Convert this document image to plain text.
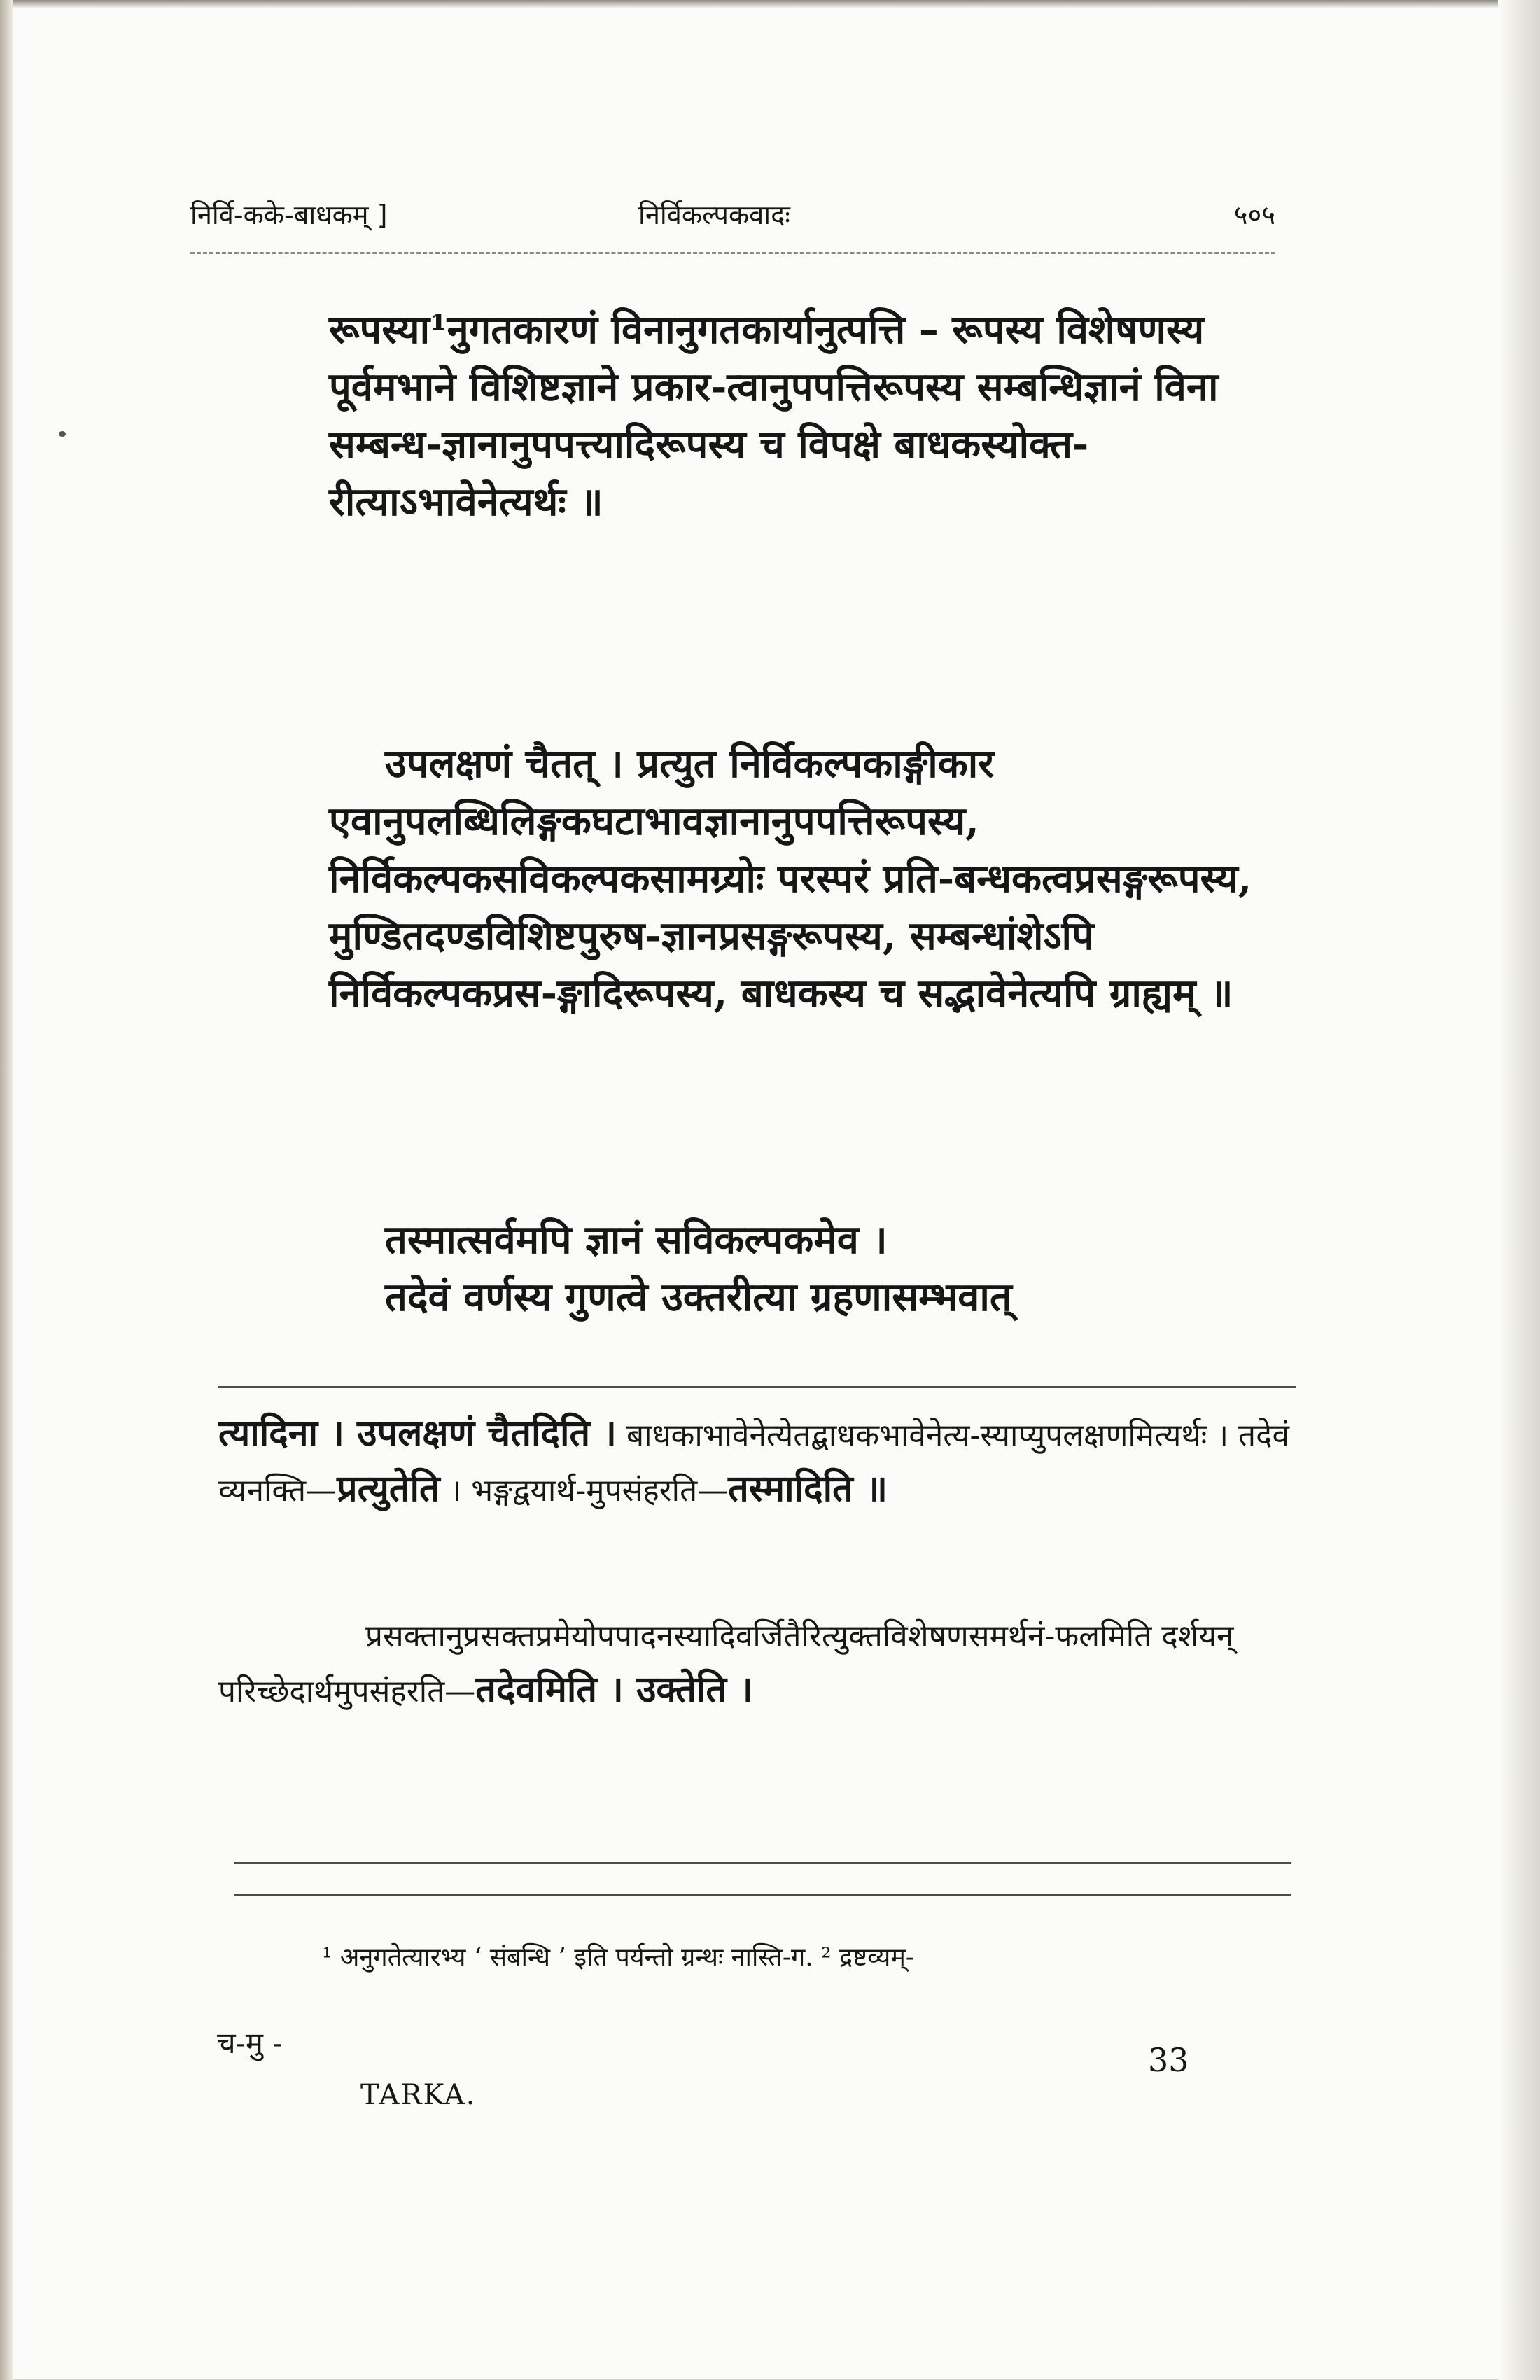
निर्वि-कके-बाधकम् ]	निर्विकल्पकवादः	५०५

रूपस्या¹नुगतकारणं विनानुगतकार्यानुत्पत्ति – रूपस्य विशेषणस्य पूर्वमभाने विशिष्टज्ञाने प्रकार-त्वानुपपत्तिरूपस्य सम्बन्धिज्ञानं विना सम्बन्ध-ज्ञानानुपपत्त्यादिरूपस्य च विपक्षे बाधकस्योक्त-रीत्याऽभावेनेत्यर्थः ॥

उपलक्षणं चैतत् । प्रत्युत निर्विकल्पकाङ्गीकार एवानुपलब्धिलिङ्गकघटाभावज्ञानानुपपत्तिरूपस्य, निर्विकल्पकसविकल्पकसामग्र्योः परस्परं प्रति-बन्धकत्वप्रसङ्गरूपस्य, मुण्डितदण्डविशिष्टपुरुष-ज्ञानप्रसङ्गरूपस्य, सम्बन्धांशेऽपि निर्विकल्पकप्रस-ङ्गादिरूपस्य, बाधकस्य च सद्भावेनेत्यपि ग्राह्यम् ॥

तस्मात्सर्वमपि ज्ञानं सविकल्पकमेव ।

तदेवं वर्णस्य गुणत्वे उक्तरीत्या ग्रहणासम्भवात्

त्यादिना । उपलक्षणं चैतदिति । बाधकाभावेनेत्येतद्बाधकभावेनेत्य-स्याप्युपलक्षणमित्यर्थः । तदेवं व्यनक्ति—प्रत्युतेति । भङ्गद्वयार्थ-मुपसंहरति—तस्मादिति ॥

प्रसक्तानुप्रसक्तप्रमेयोपपादनस्यादिवर्जितैरित्युक्तविशेषणसमर्थनं-फलमिति दर्शयन् परिच्छेदार्थमुपसंहरति—तदेवमिति । उक्तेति ।

¹ अनुगतेत्यारभ्य ‘ संबन्धि ’ इति पर्यन्तो ग्रन्थः नास्ति-ग. ² द्रष्टव्यम्-
च-मु -
TARKA.
33
